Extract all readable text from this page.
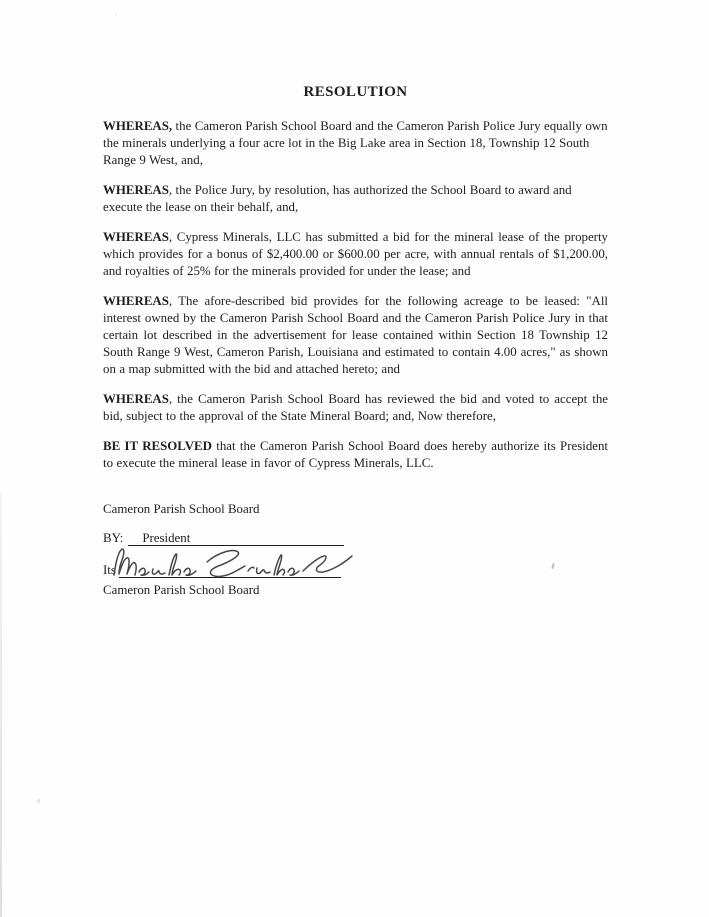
RESOLUTION

WHEREAS, the Cameron Parish School Board and the Cameron Parish Police Jury equally own the minerals underlying a four acre lot in the Big Lake area in Section 18, Township 12 South Range 9 West, and,

WHEREAS, the Police Jury, by resolution, has authorized the School Board to award and execute the lease on their behalf, and,

WHEREAS, Cypress Minerals, LLC has submitted a bid for the mineral lease of the property which provides for a bonus of $2,400.00 or $600.00 per acre, with annual rentals of $1,200.00, and royalties of 25% for the minerals provided for under the lease; and

WHEREAS, The afore-described bid provides for the following acreage to be leased: "All interest owned by the Cameron Parish School Board and the Cameron Parish Police Jury in that certain lot described in the advertisement for lease contained within Section 18 Township 12 South Range 9 West, Cameron Parish, Louisiana and estimated to contain 4.00 acres," as shown on a map submitted with the bid and attached hereto; and

WHEREAS, the Cameron Parish School Board has reviewed the bid and voted to accept the bid, subject to the approval of the State Mineral Board; and, Now therefore,

BE IT RESOLVED that the Cameron Parish School Board does hereby authorize its President to execute the mineral lease in favor of Cypress Minerals, LLC.

Cameron Parish School Board
BY:	President
Its
Cameron Parish School Board
